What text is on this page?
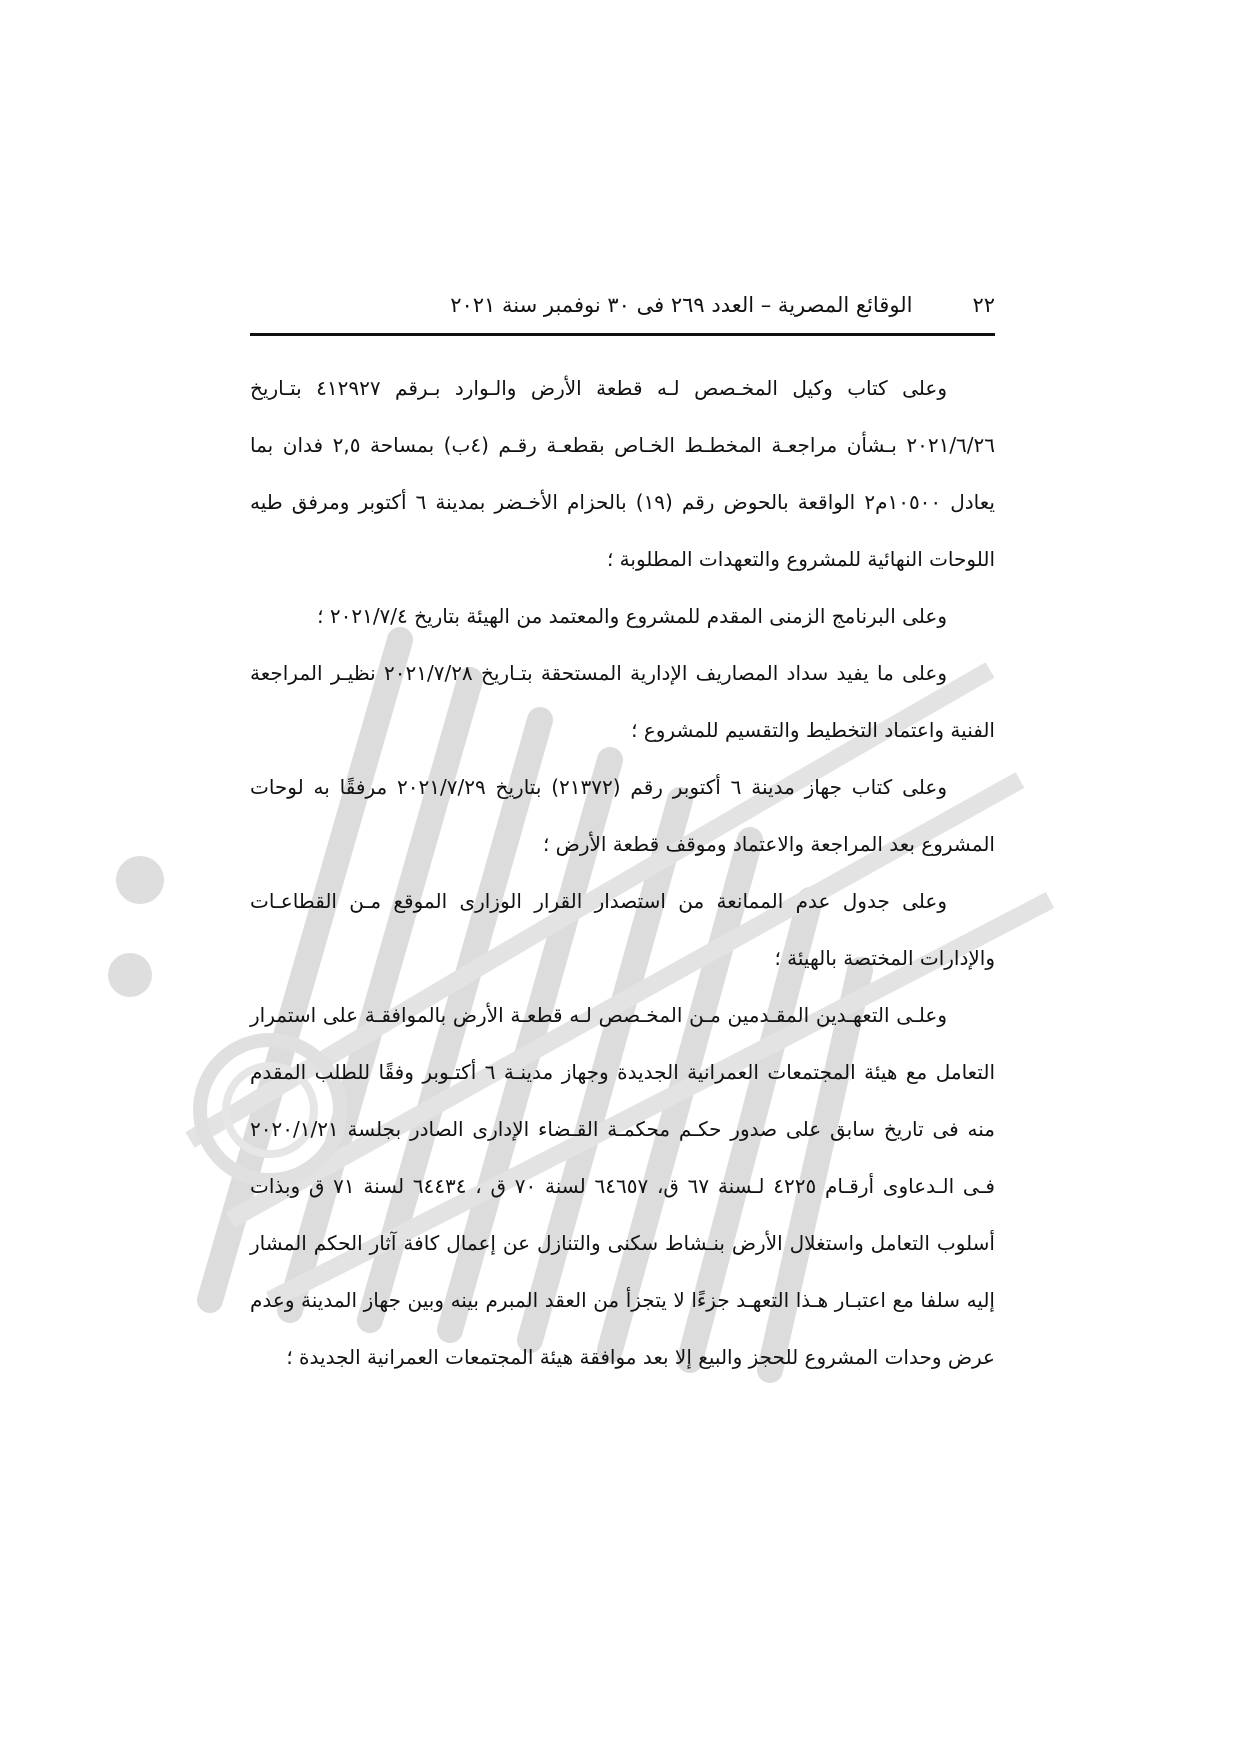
٢٢
الوقائع المصرية – العدد ٢٦٩ فى ٣٠ نوفمبر سنة ٢٠٢١

وعلى كتاب وكيل المخـصص لـه قطعة الأرض والـوارد بـرقم ٤١٢٩٢٧ بتـاريخ ٢٠٢١/٦/٢٦ بـشأن مراجعـة المخطـط الخـاص بقطعـة رقـم (٤ب) بمساحة ٢,٥ فدان بما يعادل ١٠٥٠٠م٢ الواقعة بالحوض رقم (١٩) بالحزام الأخـضر بمدينة ٦ أكتوبر ومرفق طيه اللوحات النهائية للمشروع والتعهدات المطلوبة ؛

وعلى البرنامج الزمنى المقدم للمشروع والمعتمد من الهيئة بتاريخ ٢٠٢١/٧/٤ ؛

وعلى ما يفيد سداد المصاريف الإدارية المستحقة بتـاريخ ٢٠٢١/٧/٢٨ نظيـر المراجعة الفنية واعتماد التخطيط والتقسيم للمشروع ؛

وعلى كتاب جهاز مدينة ٦ أكتوبر رقم (٢١٣٧٢) بتاريخ ٢٠٢١/٧/٢٩ مرفقًا به لوحات المشروع بعد المراجعة والاعتماد وموقف قطعة الأرض ؛

وعلى جدول عدم الممانعة من استصدار القرار الوزارى الموقع مـن القطاعـات والإدارات المختصة بالهيئة ؛

وعلـى التعهـدين المقـدمين مـن المخـصص لـه قطعـة الأرض بالموافقـة على استمرار التعامل مع هيئة المجتمعات العمرانية الجديدة وجهاز مدينـة ٦ أكتـوبر وفقًا للطلب المقدم منه فى تاريخ سابق على صدور حكـم محكمـة القـضاء الإدارى الصادر بجلسة ٢٠٢٠/١/٢١ فـى الـدعاوى أرقـام ٤٢٢٥ لـسنة ٦٧ ق، ٦٤٦٥٧ لسنة ٧٠ ق ، ٦٤٤٣٤ لسنة ٧١ ق وبذات أسلوب التعامل واستغلال الأرض بنـشاط سكنى والتنازل عن إعمال كافة آثار الحكم المشار إليه سلفا مع اعتبـار هـذا التعهـد جزءًا لا يتجزأ من العقد المبرم بينه وبين جهاز المدينة وعدم عرض وحدات المشروع للحجز والبيع إلا بعد موافقة هيئة المجتمعات العمرانية الجديدة ؛
